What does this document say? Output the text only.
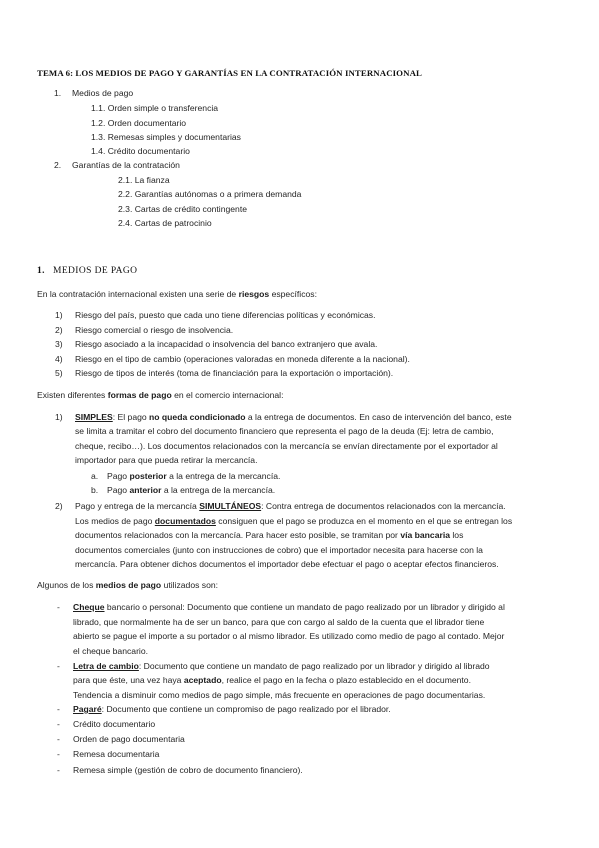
TEMA 6: LOS MEDIOS DE PAGO Y GARANTÍAS EN LA CONTRATACIÓN INTERNACIONAL
1. Medios de pago
1.1. Orden simple o transferencia
1.2. Orden documentario
1.3. Remesas simples y documentarias
1.4. Crédito documentario
2. Garantías de la contratación
2.1. La fianza
2.2. Garantías autónomas o a primera demanda
2.3. Cartas de crédito contingente
2.4. Cartas de patrocinio
1. MEDIOS DE PAGO
En la contratación internacional existen una serie de riesgos específicos:
1) Riesgo del país, puesto que cada uno tiene diferencias políticas y económicas.
2) Riesgo comercial o riesgo de insolvencia.
3) Riesgo asociado a la incapacidad o insolvencia del banco extranjero que avala.
4) Riesgo en el tipo de cambio (operaciones valoradas en moneda diferente a la nacional).
5) Riesgo de tipos de interés (toma de financiación para la exportación o importación).
Existen diferentes formas de pago en el comercio internacional:
1) SIMPLES: El pago no queda condicionado a la entrega de documentos. En caso de intervención del banco, este
se limita a tramitar el cobro del documento financiero que representa el pago de la deuda (Ej: letra de cambio,
cheque, recibo…). Los documentos relacionados con la mercancía se envían directamente por el exportador al
importador para que pueda retirar la mercancía.
a. Pago posterior a la entrega de la mercancía.
b. Pago anterior a la entrega de la mercancía.
2) Pago y entrega de la mercancía SIMULTÁNEOS: Contra entrega de documentos relacionados con la mercancía.
Los medios de pago documentados consiguen que el pago se produzca en el momento en el que se entregan los
documentos relacionados con la mercancía. Para hacer esto posible, se tramitan por vía bancaria los
documentos comerciales (junto con instrucciones de cobro) que el importador necesita para hacerse con la
mercancía. Para obtener dichos documentos el importador debe efectuar el pago o aceptar efectos financieros.
Algunos de los medios de pago utilizados son:
- Cheque bancario o personal: Documento que contiene un mandato de pago realizado por un librador y dirigido al
librado, que normalmente ha de ser un banco, para que con cargo al saldo de la cuenta que el librador tiene
abierto se pague el importe a su portador o al mismo librador. Es utilizado como medio de pago al contado. Mejor
el cheque bancario.
- Letra de cambio: Documento que contiene un mandato de pago realizado por un librador y dirigido al librado
para que éste, una vez haya aceptado, realice el pago en la fecha o plazo establecido en el documento.
Tendencia a disminuir como medios de pago simple, más frecuente en operaciones de pago documentarias.
- Pagaré: Documento que contiene un compromiso de pago realizado por el librador.
- Crédito documentario
- Orden de pago documentaria
- Remesa documentaria
- Remesa simple (gestión de cobro de documento financiero).
